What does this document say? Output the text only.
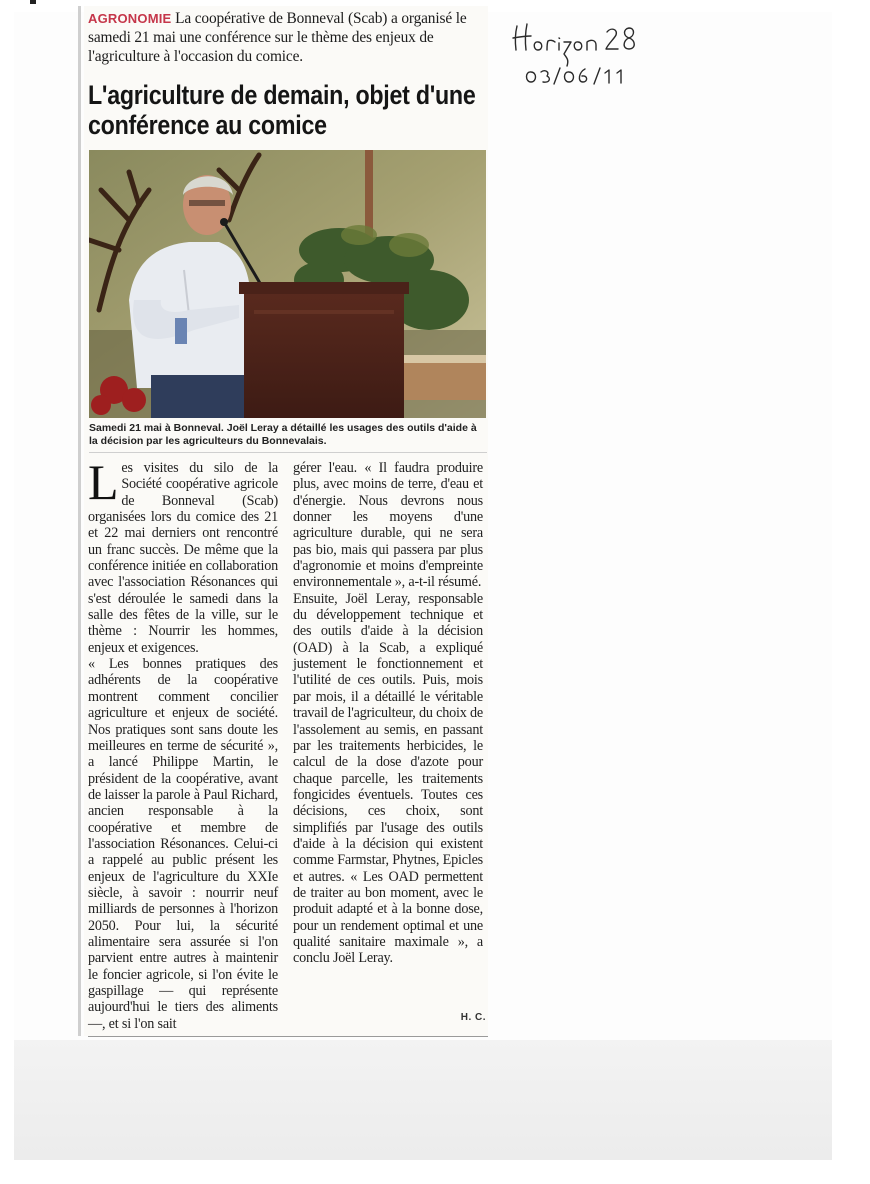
AGRONOMIE La coopérative de Bonneval (Scab) a organisé le samedi 21 mai une conférence sur le thème des enjeux de l'agriculture à l'occasion du comice.
L'agriculture de demain, objet d'une conférence au comice
Samedi 21 mai à Bonneval. Joël Leray a détaillé les usages des outils d'aide à la décision par les agriculteurs du Bonnevalais.

Les visites du silo de la Société coopérative agricole de Bonneval (Scab) organisées lors du comice des 21 et 22 mai derniers ont rencontré un franc succès. De même que la conférence initiée en collaboration avec l'association Résonances qui s'est déroulée le samedi dans la salle des fêtes de la ville, sur le thème : Nourrir les hommes, enjeux et exigences.

« Les bonnes pratiques des adhérents de la coopérative montrent comment concilier agriculture et enjeux de société. Nos pratiques sont sans doute les meilleures en terme de sécurité », a lancé Philippe Martin, le président de la coopérative, avant de laisser la parole à Paul Richard, ancien responsable à la coopérative et membre de l'association Résonances. Celui-ci a rappelé au public présent les enjeux de l'agriculture du XXIe siècle, à savoir : nourrir neuf milliards de personnes à l'horizon 2050. Pour lui, la sécurité alimentaire sera assurée si l'on parvient entre autres à maintenir le foncier agricole, si l'on évite le gaspillage — qui représente aujourd'hui le tiers des aliments —, et si l'on sait

gérer l'eau. « Il faudra produire plus, avec moins de terre, d'eau et d'énergie. Nous devrons nous donner les moyens d'une agriculture durable, qui ne sera pas bio, mais qui passera par plus d'agronomie et moins d'empreinte environnementale », a-t-il résumé.

Ensuite, Joël Leray, responsable du développement technique et des outils d'aide à la décision (OAD) à la Scab, a expliqué justement le fonctionnement et l'utilité de ces outils. Puis, mois par mois, il a détaillé le véritable travail de l'agriculteur, du choix de l'assolement au semis, en passant par les traitements herbicides, le calcul de la dose d'azote pour chaque parcelle, les traitements fongicides éventuels. Toutes ces décisions, ces choix, sont simplifiés par l'usage des outils d'aide à la décision qui existent comme Farmstar, Phytnes, Epicles et autres. « Les OAD permettent de traiter au bon moment, avec le produit adapté et à la bonne dose, pour un rendement optimal et une qualité sanitaire maximale », a conclu Joël Leray.

H. C.
